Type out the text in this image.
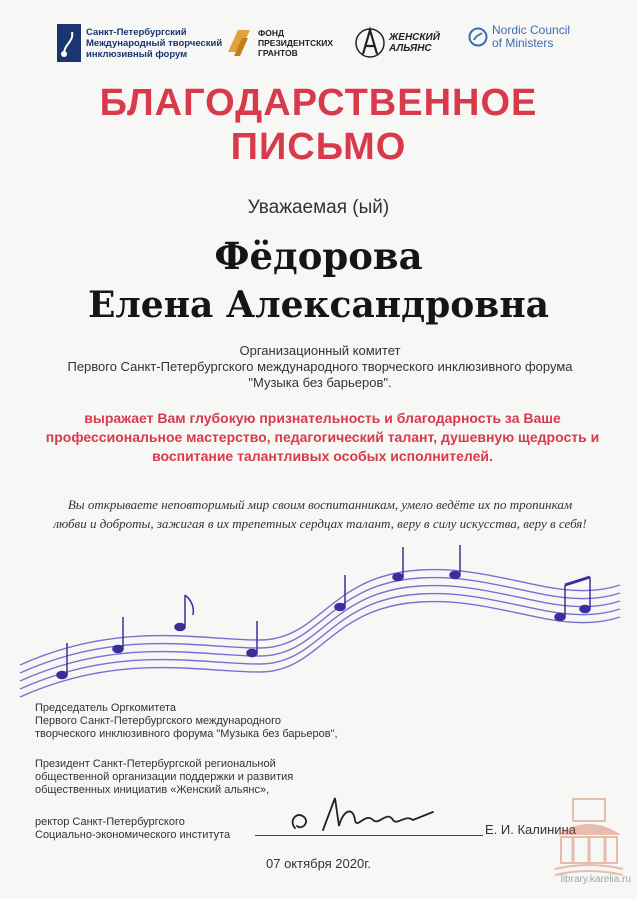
Санкт-Петербургский
Международный творческий
инклюзивный форум
ФОНД
ПРЕЗИДЕНТСКИХ
ГРАНТОВ
ЖЕНСКИЙ
АЛЬЯНС
Nordic Council
of Ministers
БЛАГОДАРСТВЕННОЕ
ПИСЬМО
Уважаемая (ый)
Фёдорова
Елена Александровна
Организационный комитет
Первого Санкт-Петербургского международного творческого инклюзивного форума
"Музыка без барьеров".
выражает Вам глубокую признательность и благодарность за Ваше
профессиональное мастерство, педагогический талант, душевную щедрость и
воспитание талантливых особых исполнителей.
Вы открываете неповторимый мир своим воспитанникам, умело ведёте их по тропинкам
любви и доброты, зажигая в их трепетных сердцах талант, веру в силу искусства, веру в себя!
Председатель Оргкомитета
Первого Санкт-Петербургского международного
творческого инклюзивного форума "Музыка без барьеров",
Президент Санкт-Петербургской региональной
общественной организации поддержки и развития
общественных инициатив «Женский альянс»,
ректор Санкт-Петербургского
Социально-экономического института	Е. И. Калинина
07 октября 2020г.
library.karelia.ru
